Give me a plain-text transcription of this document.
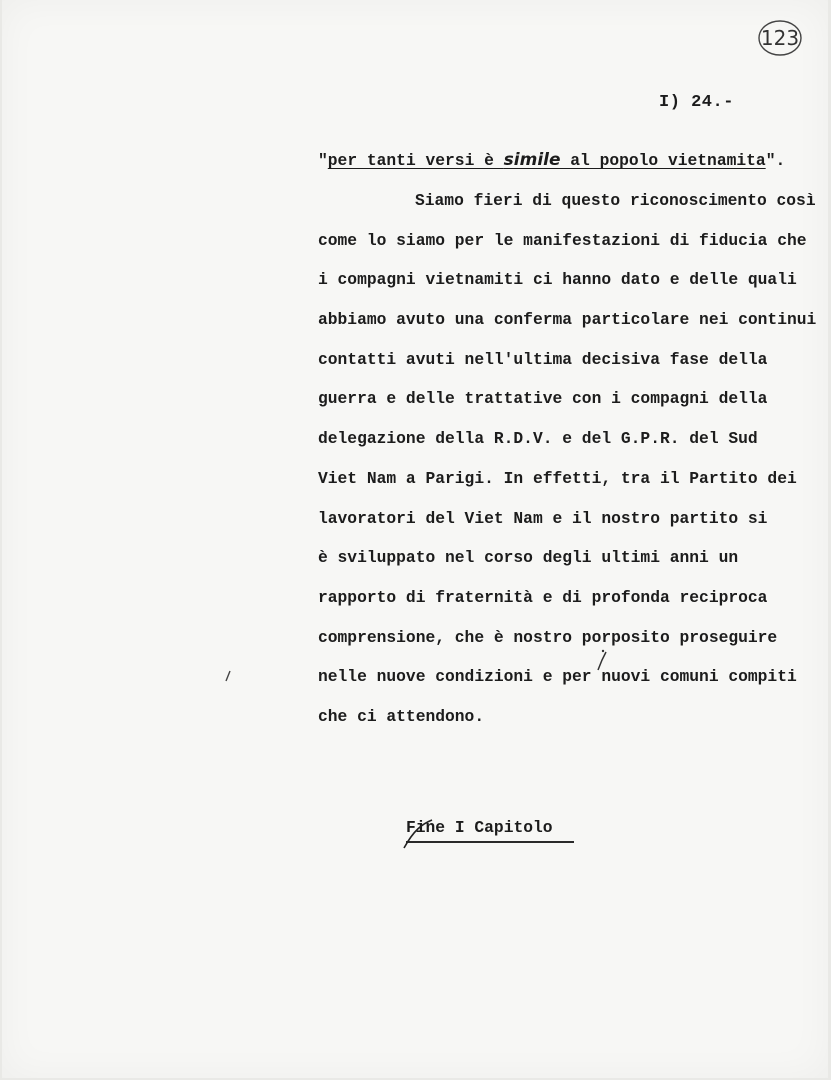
123
I) 24.-
"per tanti versi è simile al popolo vietnamita".
Siamo fieri di questo riconoscimento così
come lo siamo per le manifestazioni di fiducia che
i compagni vietnamiti ci hanno dato e delle quali
abbiamo avuto una conferma particolare nei continui
contatti avuti nell'ultima decisiva fase della
guerra e delle trattative con i compagni della
delegazione della R.D.V. e del G.P.R. del Sud
Viet Nam a Parigi. In effetti, tra il Partito dei
lavoratori del Viet Nam e il nostro partito si
è sviluppato nel corso degli ultimi anni un
rapporto di fraternità e di profonda reciproca
comprensione, che è nostro porposito proseguire
nelle nuove condizioni e per nuovi comuni compiti
che ci attendono.
Fine I Capitolo
